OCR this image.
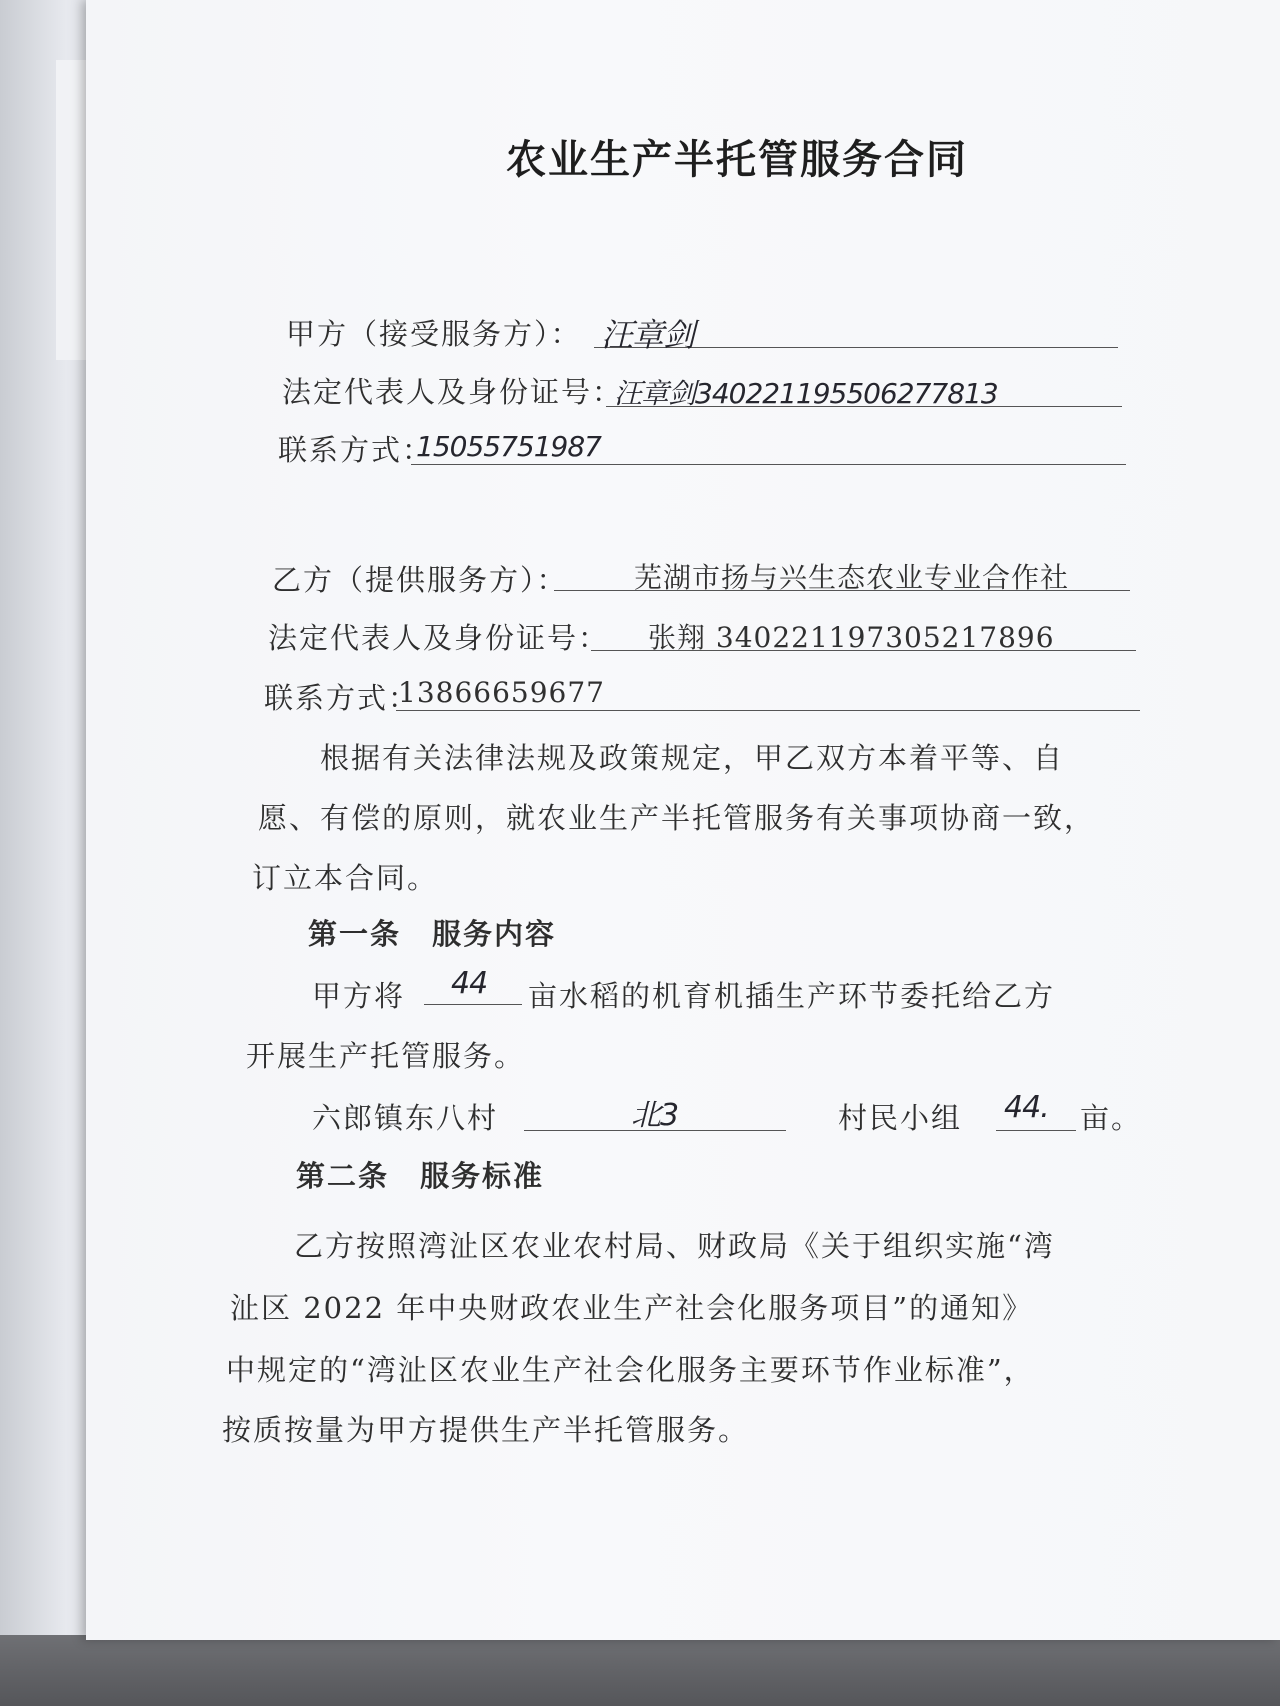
农业生产半托管服务合同
甲方（接受服务方）： 汪章剑
法定代表人及身份证号：
汪章剑340221195506277813
联系方式：
15055751987
乙方（提供服务方）： 芜湖市扬与兴生态农业专业合作社
法定代表人及身份证号： 张翔 340221197305217896
联系方式：
13866659677
根据有关法律法规及政策规定，甲乙双方本着平等、自
愿、有偿的原则，就农业生产半托管服务有关事项协商一致，
订立本合同。
第一条　服务内容
甲方将 44 亩水稻的机育机插生产环节委托给乙方
开展生产托管服务。
六郎镇东八村	北3	村民小组 44. 亩。
第二条　服务标准
乙方按照湾沚区农业农村局、财政局《关于组织实施“湾
沚区 2022 年中央财政农业生产社会化服务项目”的通知》
中规定的“湾沚区农业生产社会化服务主要环节作业标准”，
按质按量为甲方提供生产半托管服务。
